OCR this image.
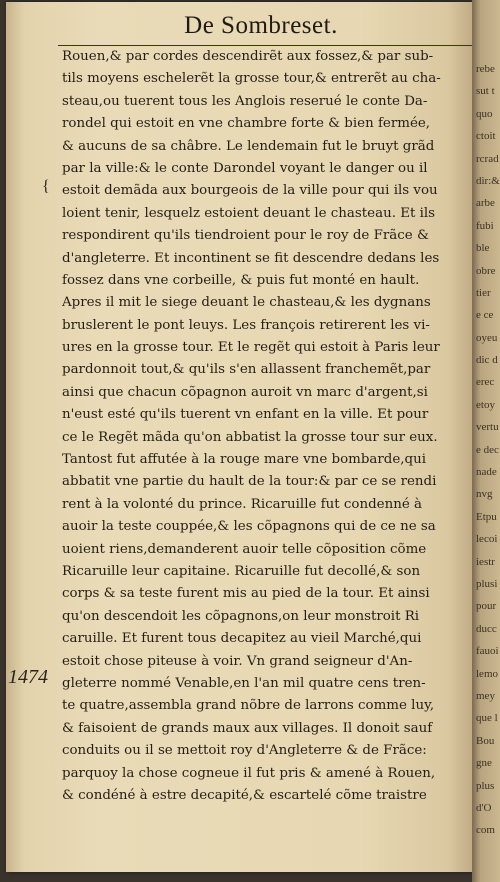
De Sombreset.
{
1474
Rouen,& par cordes descendirẽt aux fossez,& par sub-
tils moyens eschelerẽt la grosse tour,& entrerẽt au cha-
steau,ou tuerent tous les Anglois reserué le conte Da-
rondel qui estoit en vne chambre forte & bien fermée,
& aucuns de sa châbre. Le lendemain fut le bruyt grãd
par la ville:& le conte Darondel voyant le danger ou il
estoit demãda aux bourgeois de la ville pour qui ils vou
loient tenir, lesquelz estoient deuant le chasteau. Et ils
respondirent qu'ils tiendroient pour le roy de Frãce &
d'angleterre. Et incontinent se fit descendre dedans les
fossez dans vne corbeille, & puis fut monté en hault.
Apres il mit le siege deuant le chasteau,& les dygnans
bruslerent le pont leuys. Les françois retirerent les vi-
ures en la grosse tour. Et le regẽt qui estoit à Paris leur
pardonnoit tout,& qu'ils s'en allassent franchemẽt,par
ainsi que chacun cõpagnon auroit vn marc d'argent,si
n'eust esté qu'ils tuerent vn enfant en la ville. Et pour
ce le Regẽt mãda qu'on abbatist la grosse tour sur eux.
Tantost fut affutée à la rouge mare vne bombarde,qui
abbatit vne partie du hault de la tour:& par ce se rendi
rent à la volonté du prince. Ricaruille fut condenné à
auoir la teste couppée,& les cõpagnons qui de ce ne sa
uoient riens,demanderent auoir telle cõposition cõme
Ricaruille leur capitaine. Ricaruille fut decollé,& son
corps & sa teste furent mis au pied de la tour. Et ainsi
qu'on descendoit les cõpagnons,on leur monstroit Ri
caruille. Et furent tous decapitez au vieil Marché,qui
estoit chose piteuse à voir. Vn grand seigneur d'An-
gleterre nommé Venable,en l'an mil quatre cens tren-
te quatre,assembla grand nõbre de larrons comme luy,
& faisoient de grands maux aux villages. Il donoit sauf
conduits ou il se mettoit roy d'Angleterre & de Frãce:
parquoy la chose cogneue il fut pris & amené à Rouen,
& condéné à estre decapité,& escartelé cõme traistre
rebe
sut t
quo
ctoit
rcrad
dir:&
arbe
fubi
ble
obre
tier
e ce
oyeu
dic d
erec
etoy
vertu
e dec
nade
nvg
Etpu
lecoi
iestr
plusi
pour
ducc
fauoi
lemo
mey
que l
Bou
gne
plus
d'O
com
